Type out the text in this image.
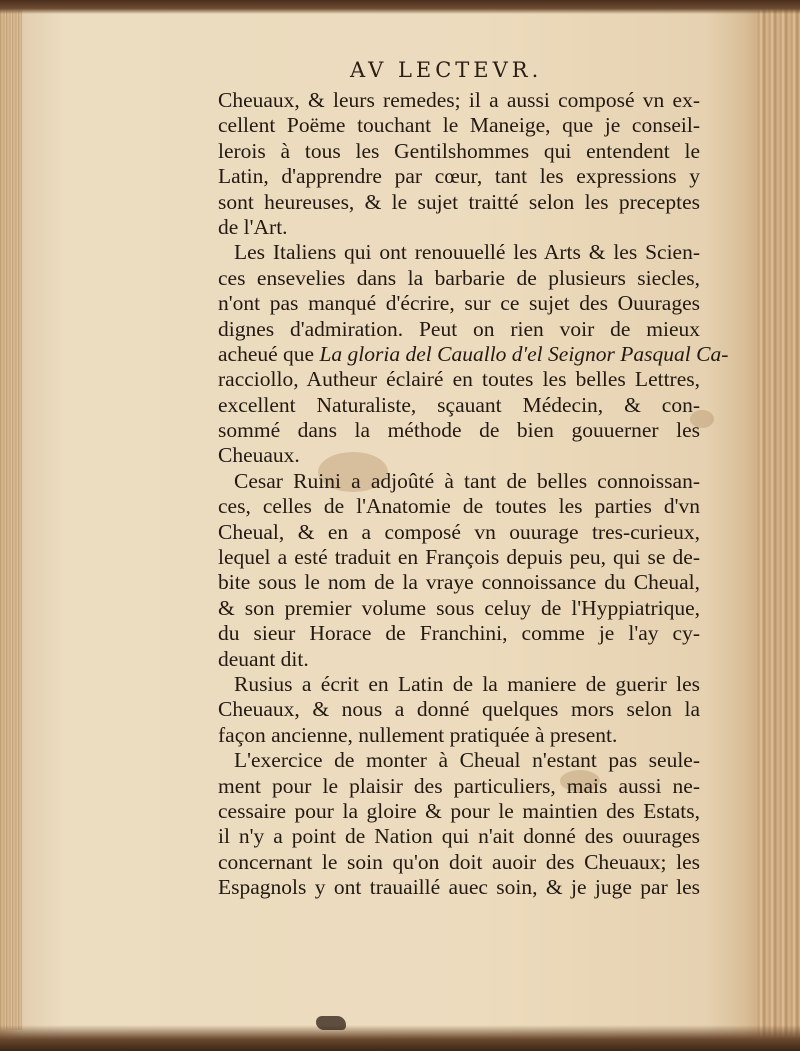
AV LECTEVR.
Cheuaux, & leurs remedes; il a aussi composé vn ex-
cellent Poëme touchant le Maneige, que je conseil-
lerois à tous les Gentilshommes qui entendent le
Latin, d'apprendre par cœur, tant les expressions y
sont heureuses, & le sujet traitté selon les preceptes
de l'Art.
Les Italiens qui ont renouuellé les Arts & les Scien-
ces ensevelies dans la barbarie de plusieurs siecles,
n'ont pas manqué d'écrire, sur ce sujet des Ouurages
dignes d'admiration. Peut on rien voir de mieux
acheué que La gloria del Cauallo d'el Seignor Pasqual Ca-
racciollo, Autheur éclairé en toutes les belles Lettres,
excellent Naturaliste, sçauant Médecin, & con-
sommé dans la méthode de bien gouuerner les
Cheuaux.
Cesar Ruini a adjoûté à tant de belles connoissan-
ces, celles de l'Anatomie de toutes les parties d'vn
Cheual, & en a composé vn ouurage tres-curieux,
lequel a esté traduit en François depuis peu, qui se de-
bite sous le nom de la vraye connoissance du Cheual,
& son premier volume sous celuy de l'Hyppiatrique,
du sieur Horace de Franchini, comme je l'ay cy-
deuant dit.
Rusius a écrit en Latin de la maniere de guerir les
Cheuaux, & nous a donné quelques mors selon la
façon ancienne, nullement pratiquée à present.
L'exercice de monter à Cheual n'estant pas seule-
ment pour le plaisir des particuliers, mais aussi ne-
cessaire pour la gloire & pour le maintien des Estats,
il n'y a point de Nation qui n'ait donné des ouurages
concernant le soin qu'on doit auoir des Cheuaux; les
Espagnols y ont trauaillé auec soin, & je juge par les
